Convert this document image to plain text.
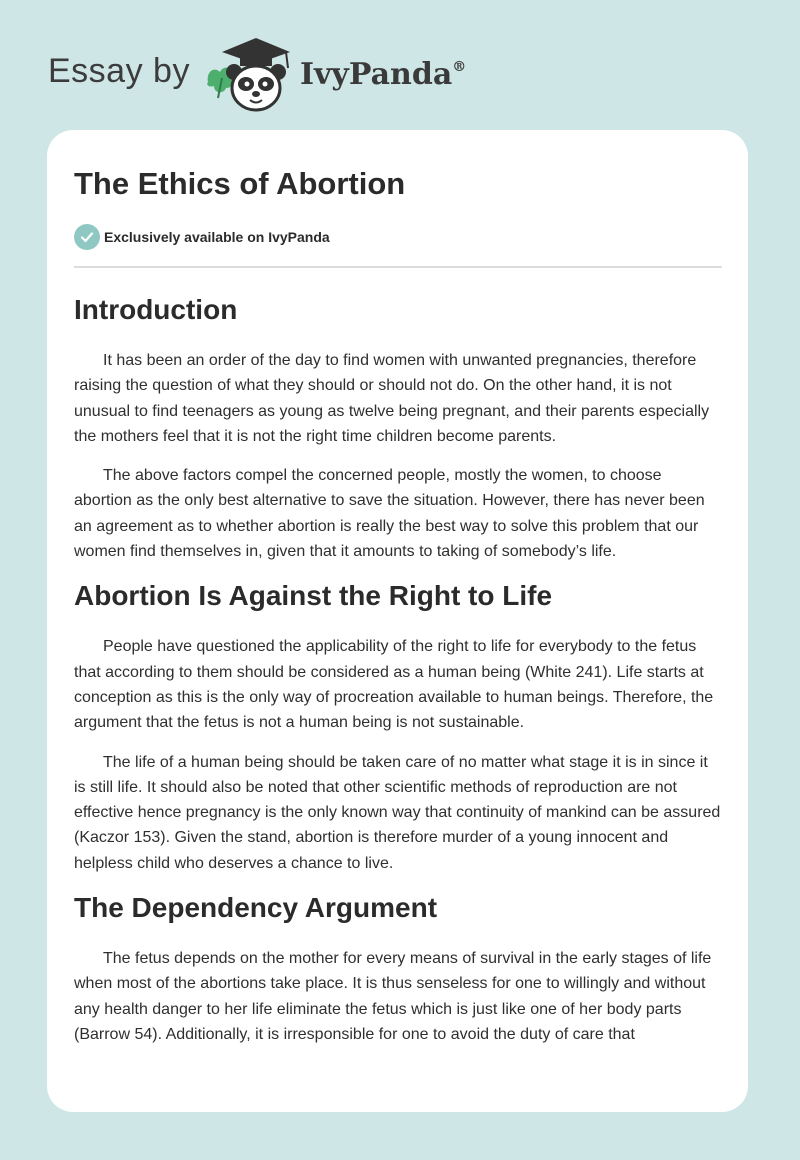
Essay by	IvyPanda®
The Ethics of Abortion
Exclusively available on IvyPanda
Introduction

It has been an order of the day to find women with unwanted pregnancies, therefore raising the question of what they should or should not do. On the other hand, it is not unusual to find teenagers as young as twelve being pregnant, and their parents especially the mothers feel that it is not the right time children become parents.

The above factors compel the concerned people, mostly the women, to choose abortion as the only best alternative to save the situation. However, there has never been an agreement as to whether abortion is really the best way to solve this problem that our women find themselves in, given that it amounts to taking of somebody’s life.

Abortion Is Against the Right to Life

People have questioned the applicability of the right to life for everybody to the fetus that according to them should be considered as a human being (White 241). Life starts at conception as this is the only way of procreation available to human beings. Therefore, the argument that the fetus is not a human being is not sustainable.

The life of a human being should be taken care of no matter what stage it is in since it is still life. It should also be noted that other scientific methods of reproduction are not effective hence pregnancy is the only known way that continuity of mankind can be assured (Kaczor 153). Given the stand, abortion is therefore murder of a young innocent and helpless child who deserves a chance to live.

The Dependency Argument

The fetus depends on the mother for every means of survival in the early stages of life when most of the abortions take place. It is thus senseless for one to willingly and without any health danger to her life eliminate the fetus which is just like one of her body parts (Barrow 54). Additionally, it is irresponsible for one to avoid the duty of care that
